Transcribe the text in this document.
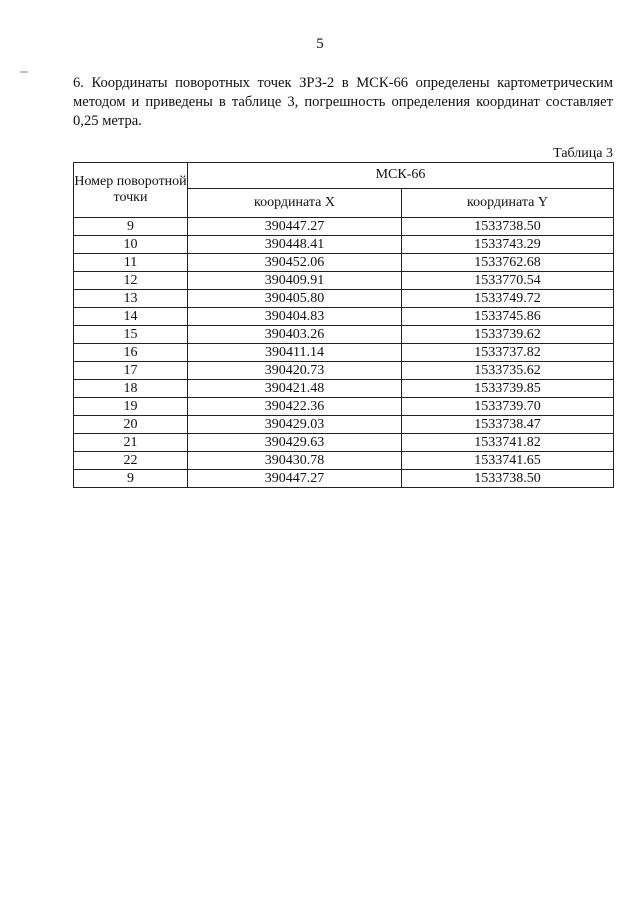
5

6. Координаты поворотных точек ЗРЗ-2 в МСК-66 определены картометрическим методом и приведены в таблице 3, погрешность определения координат составляет 0,25 метра.

Таблица 3
Номер поворотной точки	МСК-66	
	координата X	координата Y
9	390447.27	1533738.50
10	390448.41	1533743.29
11	390452.06	1533762.68
12	390409.91	1533770.54
13	390405.80	1533749.72
14	390404.83	1533745.86
15	390403.26	1533739.62
16	390411.14	1533737.82
17	390420.73	1533735.62
18	390421.48	1533739.85
19	390422.36	1533739.70
20	390429.03	1533738.47
21	390429.63	1533741.82
22	390430.78	1533741.65
9	390447.27	1533738.50
